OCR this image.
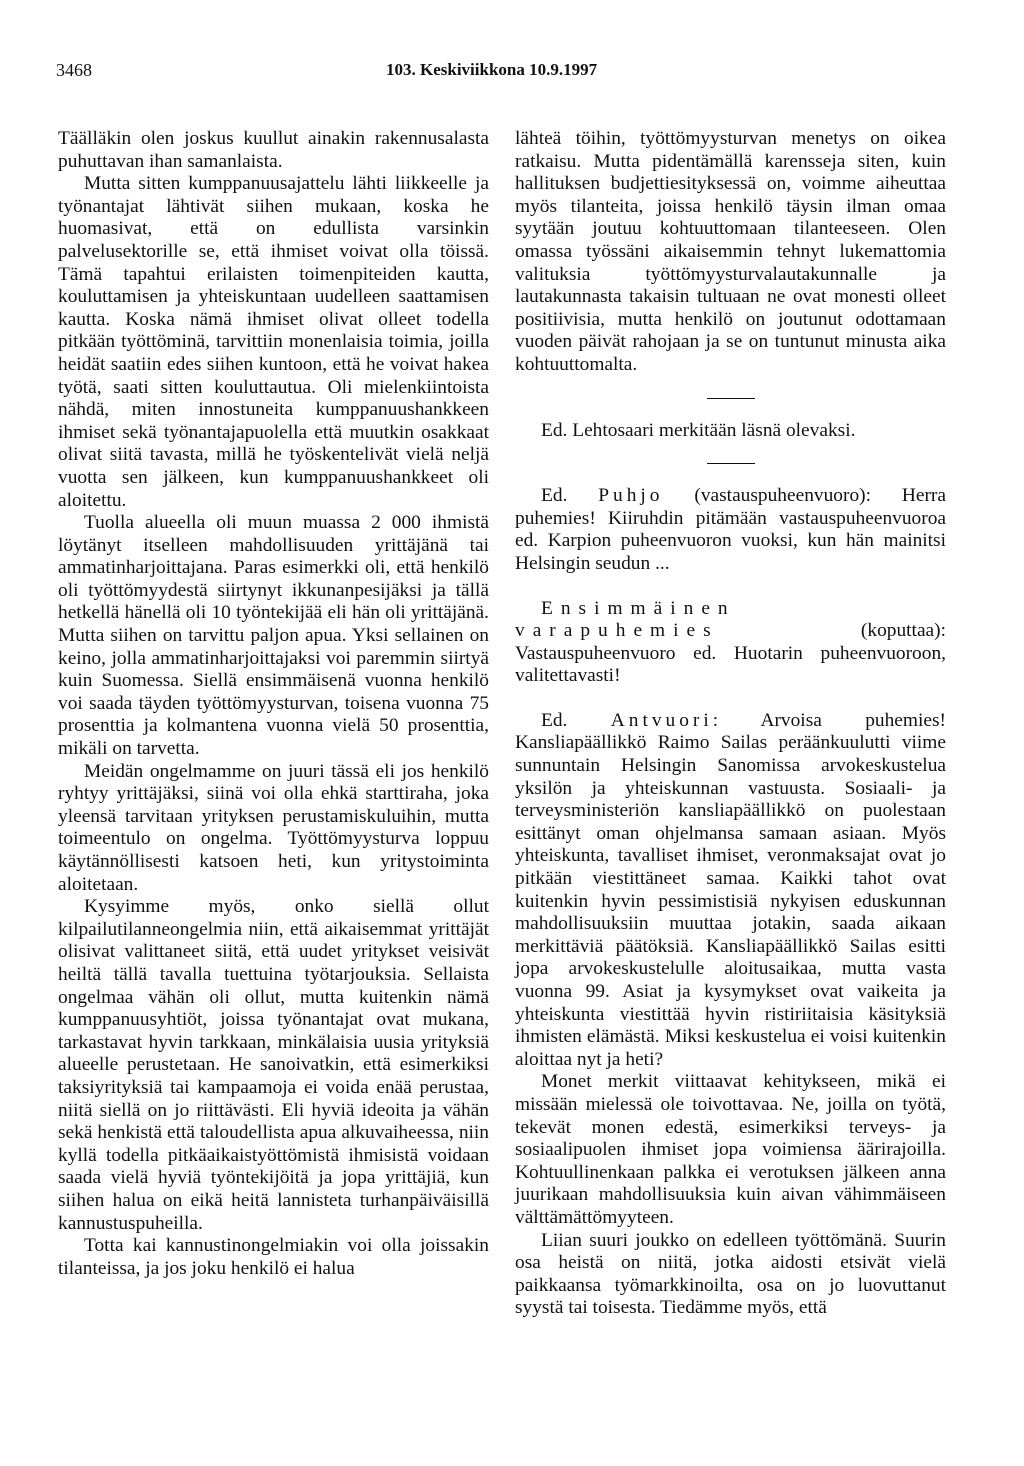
3468	103. Keskiviikkona 10.9.1997

Täälläkin olen joskus kuullut ainakin rakennusalasta puhuttavan ihan samanlaista.

Mutta sitten kumppanuusajattelu lähti liikkeelle ja työnantajat lähtivät siihen mukaan, koska he huomasivat, että on edullista varsinkin palvelusektorille se, että ihmiset voivat olla töissä. Tämä tapahtui erilaisten toimenpiteiden kautta, kouluttamisen ja yhteiskuntaan uudelleen saattamisen kautta. Koska nämä ihmiset olivat olleet todella pitkään työttöminä, tarvittiin monenlaisia toimia, joilla heidät saatiin edes siihen kuntoon, että he voivat hakea työtä, saati sitten kouluttautua. Oli mielenkiintoista nähdä, miten innostuneita kumppanuushankkeen ihmiset sekä työnantajapuolella että muutkin osakkaat olivat siitä tavasta, millä he työskentelivät vielä neljä vuotta sen jälkeen, kun kumppanuushankkeet oli aloitettu.

Tuolla alueella oli muun muassa 2 000 ihmistä löytänyt itselleen mahdollisuuden yrittäjänä tai ammatinharjoittajana. Paras esimerkki oli, että henkilö oli työttömyydestä siirtynyt ikkunanpesijäksi ja tällä hetkellä hänellä oli 10 työntekijää eli hän oli yrittäjänä. Mutta siihen on tarvittu paljon apua. Yksi sellainen on keino, jolla ammatinharjoittajaksi voi paremmin siirtyä kuin Suomessa. Siellä ensimmäisenä vuonna henkilö voi saada täyden työttömyysturvan, toisena vuonna 75 prosenttia ja kolmantena vuonna vielä 50 prosenttia, mikäli on tarvetta.

Meidän ongelmamme on juuri tässä eli jos henkilö ryhtyy yrittäjäksi, siinä voi olla ehkä starttiraha, joka yleensä tarvitaan yrityksen perustamiskuluihin, mutta toimeentulo on ongelma. Työttömyysturva loppuu käytännöllisesti katsoen heti, kun yritystoiminta aloitetaan.

Kysyimme myös, onko siellä ollut kilpailutilanneongelmia niin, että aikaisemmat yrittäjät olisivat valittaneet siitä, että uudet yritykset veisivät heiltä tällä tavalla tuettuina työtarjouksia. Sellaista ongelmaa vähän oli ollut, mutta kuitenkin nämä kumppanuusyhtiöt, joissa työnantajat ovat mukana, tarkastavat hyvin tarkkaan, minkälaisia uusia yrityksiä alueelle perustetaan. He sanoivatkin, että esimerkiksi taksiyrityksiä tai kampaamoja ei voida enää perustaa, niitä siellä on jo riittävästi. Eli hyviä ideoita ja vähän sekä henkistä että taloudellista apua alkuvaiheessa, niin kyllä todella pitkäaikaistyöttömistä ihmisistä voidaan saada vielä hyviä työntekijöitä ja jopa yrittäjiä, kun siihen halua on eikä heitä lannisteta turhanpäiväisillä kannustuspuheilla.

Totta kai kannustinongelmiakin voi olla joissakin tilanteissa, ja jos joku henkilö ei halua

lähteä töihin, työttömyysturvan menetys on oikea ratkaisu. Mutta pidentämällä karensseja siten, kuin hallituksen budjettiesityksessä on, voimme aiheuttaa myös tilanteita, joissa henkilö täysin ilman omaa syytään joutuu kohtuuttomaan tilanteeseen. Olen omassa työssäni aikaisemmin tehnyt lukemattomia valituksia työttömyysturvalautakunnalle ja lautakunnasta takaisin tultuaan ne ovat monesti olleet positiivisia, mutta henkilö on joutunut odottamaan vuoden päivät rahojaan ja se on tuntunut minusta aika kohtuuttomalta.

Ed. Lehtosaari merkitään läsnä olevaksi.

Ed. Puhjo (vastauspuheenvuoro): Herra puhemies! Kiiruhdin pitämään vastauspuheenvuoroa ed. Karpion puheenvuoron vuoksi, kun hän mainitsi Helsingin seudun ...

Ensimmäinen varapuhemies (koputtaa): Vastauspuheenvuoro ed. Huotarin puheenvuoroon, valitettavasti!

Ed. Antvuori: Arvoisa puhemies! Kansliapäällikkö Raimo Sailas peräänkuulutti viime sunnuntain Helsingin Sanomissa arvokeskustelua yksilön ja yhteiskunnan vastuusta. Sosiaali- ja terveysministeriön kansliapäällikkö on puolestaan esittänyt oman ohjelmansa samaan asiaan. Myös yhteiskunta, tavalliset ihmiset, veronmaksajat ovat jo pitkään viestittäneet samaa. Kaikki tahot ovat kuitenkin hyvin pessimistisiä nykyisen eduskunnan mahdollisuuksiin muuttaa jotakin, saada aikaan merkittäviä päätöksiä. Kansliapäällikkö Sailas esitti jopa arvokeskustelulle aloitusaikaa, mutta vasta vuonna 99. Asiat ja kysymykset ovat vaikeita ja yhteiskunta viestittää hyvin ristiriitaisia käsityksiä ihmisten elämästä. Miksi keskustelua ei voisi kuitenkin aloittaa nyt ja heti?

Monet merkit viittaavat kehitykseen, mikä ei missään mielessä ole toivottavaa. Ne, joilla on työtä, tekevät monen edestä, esimerkiksi terveys- ja sosiaalipuolen ihmiset jopa voimiensa äärirajoilla. Kohtuullinenkaan palkka ei verotuksen jälkeen anna juurikaan mahdollisuuksia kuin aivan vähimmäiseen välttämättömyyteen.

Liian suuri joukko on edelleen työttömänä. Suurin osa heistä on niitä, jotka aidosti etsivät vielä paikkaansa työmarkkinoilta, osa on jo luovuttanut syystä tai toisesta. Tiedämme myös, että
